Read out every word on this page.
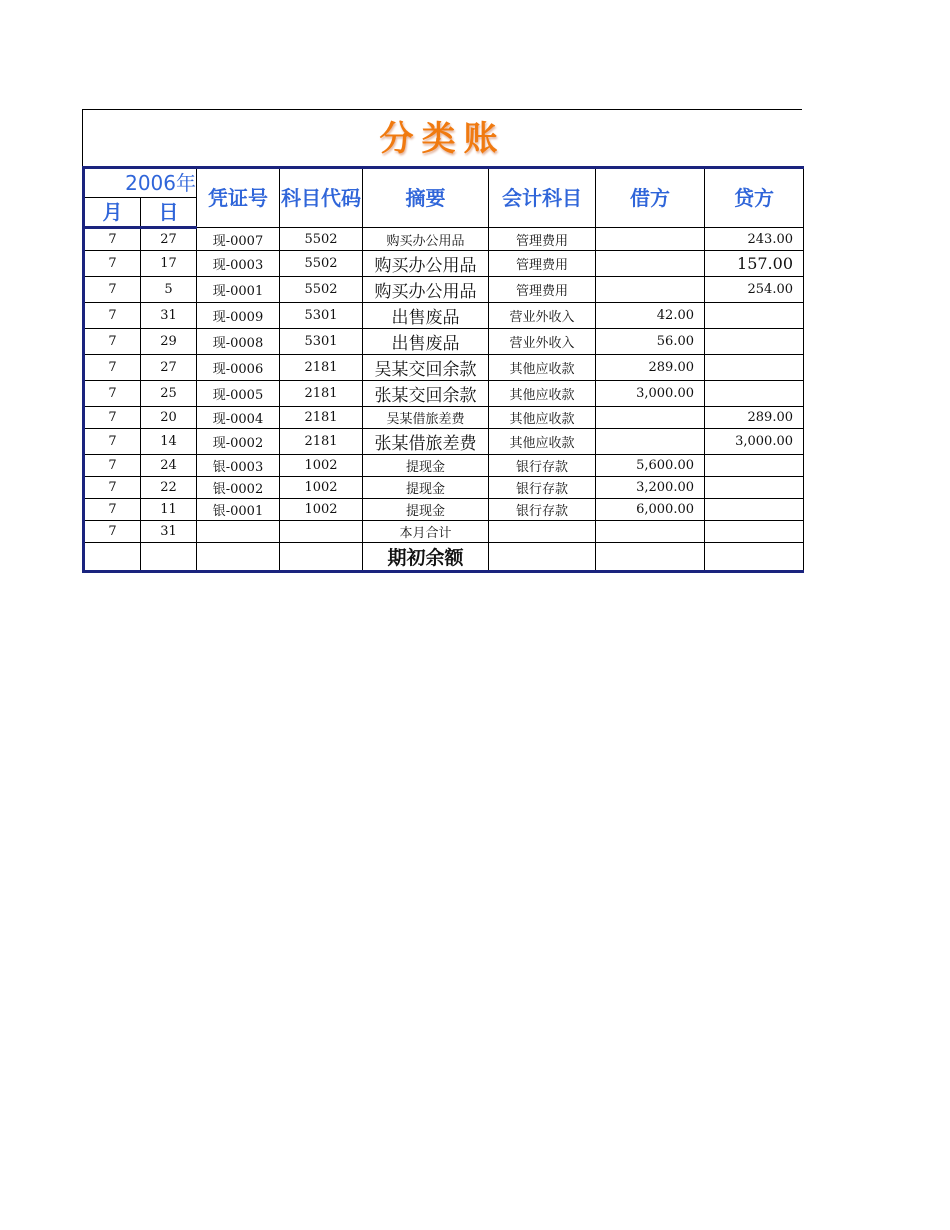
分类账
2006年		凭证号	科目代码	摘要	会计科目	借方	贷方
月	日						
7	27	现-0007	5502	购买办公用品	管理费用		243.00
7	17	现-0003	5502	购买办公用品	管理费用		157.00
7	5	现-0001	5502	购买办公用品	管理费用		254.00
7	31	现-0009	5301	出售废品	营业外收入	42.00	
7	29	现-0008	5301	出售废品	营业外收入	56.00	
7	27	现-0006	2181	吴某交回余款	其他应收款	289.00	
7	25	现-0005	2181	张某交回余款	其他应收款	3,000.00	
7	20	现-0004	2181	吴某借旅差费	其他应收款		289.00
7	14	现-0002	2181	张某借旅差费	其他应收款		3,000.00
7	24	银-0003	1002	提现金	银行存款	5,600.00	
7	22	银-0002	1002	提现金	银行存款	3,200.00	
7	11	银-0001	1002	提现金	银行存款	6,000.00	
7	31			本月合计			
				期初余额			
